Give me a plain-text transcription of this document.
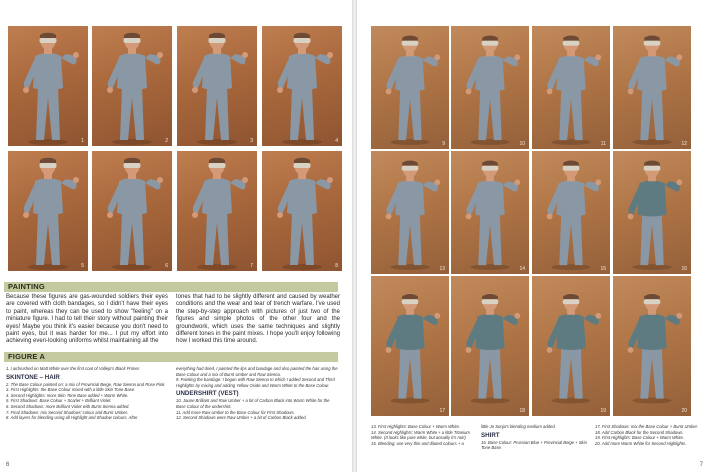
1	2	3	4
5	6	7	8
PAINTING
Because these figures are gas-wounded soldiers their eyes are covered with cloth bandages, so I didn't have their eyes to paint, whereas they can be used to show "feeling" on a miniature figure. I had to tell their story without painting their eyes! Maybe you think it's easier because you don't need to paint eyes, but it was harder for me... I put my effort into achieving even-looking uniforms whilst maintaining all the
tones that had to be slightly different and caused by weather conditions and the wear and tear of trench warfare. I've used the step-by-step approach with pictures of just two of the figures and simple photos of the other four and the groundwork, which uses the same techniques and slightly different tones in the paint mixes. I hope you'll enjoy following how I worked this time around.
FIGURE A
1. I airbrushed on Matt White over the first coat of Vallejo's Black Primer.
SKINTONE – HAIR
2. The Base Colour painted on: a mix of Provincial Beige, Raw Sienna and Rose Pink.
3. First Highlights: the Base Colour mixed with a little Skin Tone Base.
4. Second Highlights: more Skin Tone Base added + Warm White.
5. First Shadows: Base Colour + Scarlet + Brilliant Violet.
6. Second Shadows: more Brilliant Violet with Burnt Sienna added.
7. Final Shadows: mix Second Shadows' colour and Burnt Umber.
8. Add layers for blending using all Highlight and Shadow colours. After
everything had dried, I painted the lips and bandage and also painted the hair using the Base Colour and a mix of Burnt Umber and Raw Sienna.
9. Painting the bandage: I began with Raw Sienna to which I added Second and Third Highlights by mixing and adding Yellow Oxide and Warm White to the Base Colour.
UNDERSHIRT (VEST)
10. Jaune Brilliant and Raw Umber + a bit of Carbon Black into Warm White for the Base Colour of the undershirt.
11. Add more Raw Umber to the Base Colour for First Shadows.
12. Second Shadows were Raw Umber + a bit of Carbon Black added.
6
9	10	11	12
13	14	15	16
17	18	19	20
13. First Highlights: Base Colour + Warm White.
14. Second Highlights: Warm White + a little Titanium White. (It looks like pure white, but actually it's not!)
15. Blending: use very thin and diluted colours + a
little Jo Sonja's blending medium added.
SHIRT
16. Base Colour: Prussian Blue + Provincial Beige + Skin Tone Base.
17. First Shadows: mix the Base Colour + Burnt Umber.
18. Add Carbon Black for the Second Shadows.
19. First Highlights: Base Colour + Warm White.
20. Add more Warm White for Second Highlights.
7
